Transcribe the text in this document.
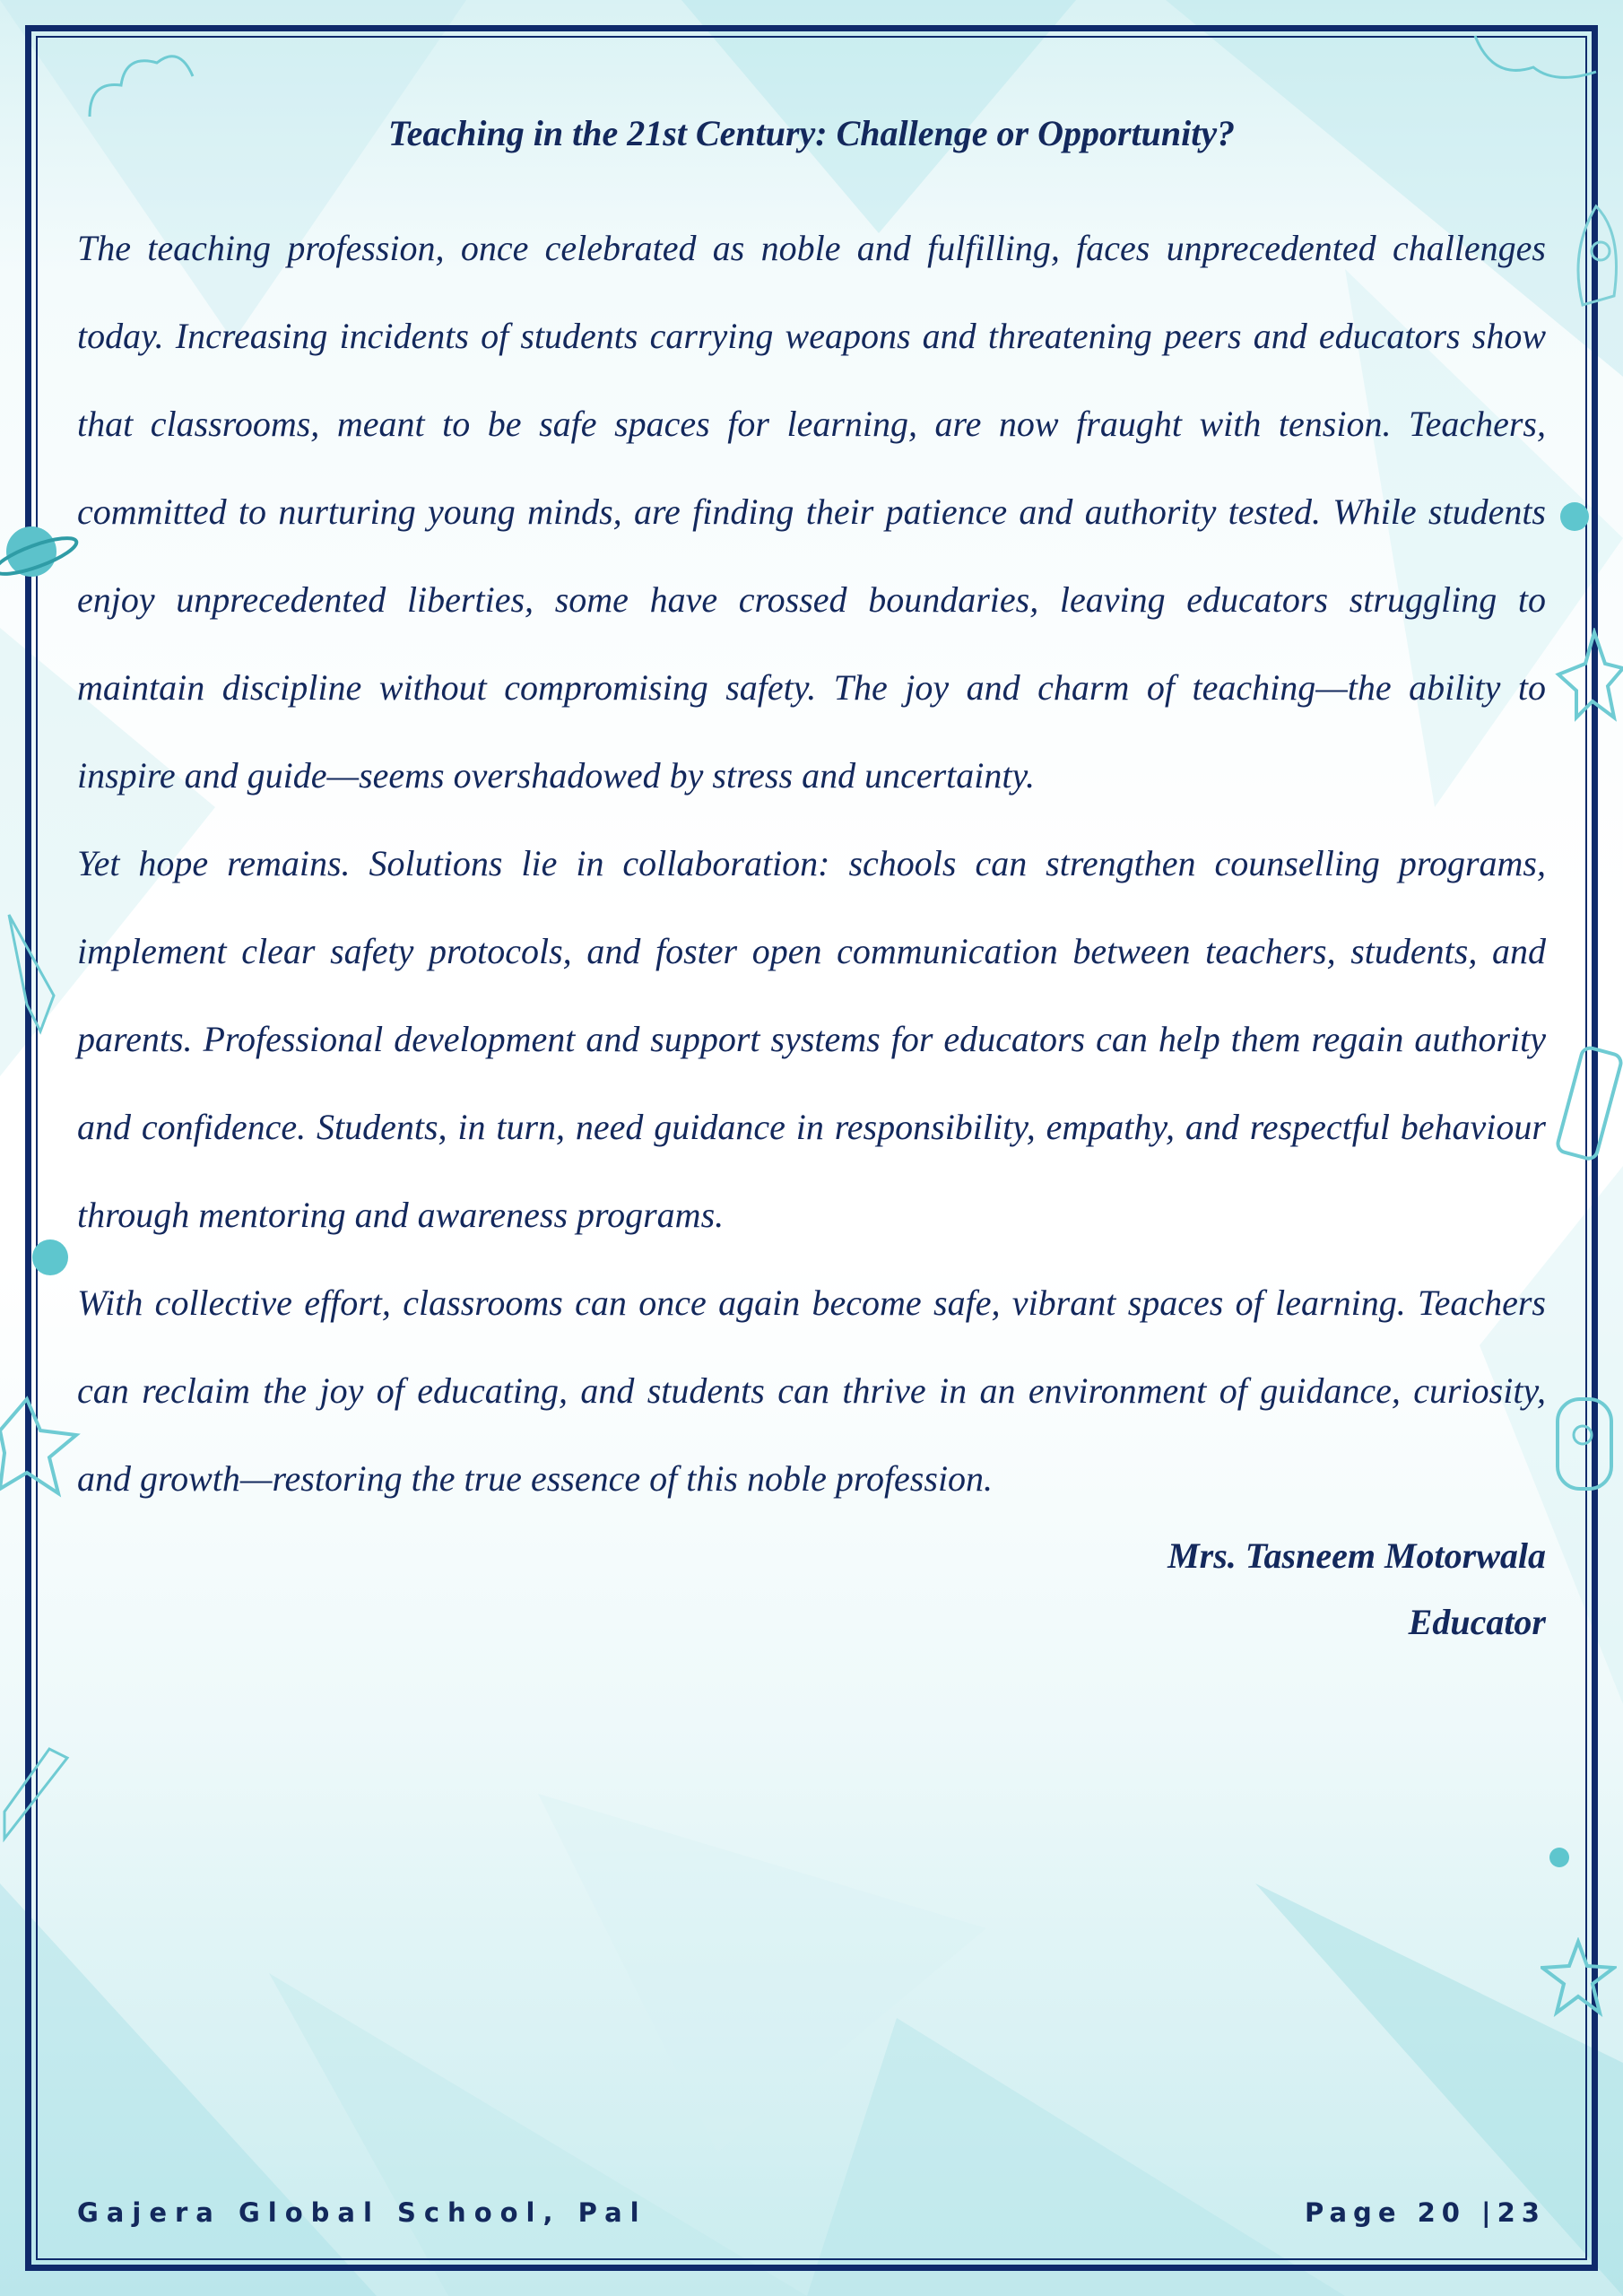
Teaching in the 21st Century: Challenge or Opportunity?

The teaching profession, once celebrated as noble and fulfilling, faces unprecedented challenges today. Increasing incidents of students carrying weapons and threatening peers and educators show that classrooms, meant to be safe spaces for learning, are now fraught with tension. Teachers, committed to nurturing young minds, are finding their patience and authority tested. While students enjoy unprecedented liberties, some have crossed boundaries, leaving educators struggling to maintain discipline without compromising safety. The joy and charm of teaching—the ability to inspire and guide—seems overshadowed by stress and uncertainty.

Yet hope remains. Solutions lie in collaboration: schools can strengthen counselling programs, implement clear safety protocols, and foster open communication between teachers, students, and parents. Professional development and support systems for educators can help them regain authority and confidence. Students, in turn, need guidance in responsibility, empathy, and respectful behaviour through mentoring and awareness programs.

With collective effort, classrooms can once again become safe, vibrant spaces of learning. Teachers can reclaim the joy of educating, and students can thrive in an environment of guidance, curiosity, and growth—restoring the true essence of this noble profession.

Mrs. Tasneem Motorwala
Educator
Gajera Global School, Pal	Page 20 |23
